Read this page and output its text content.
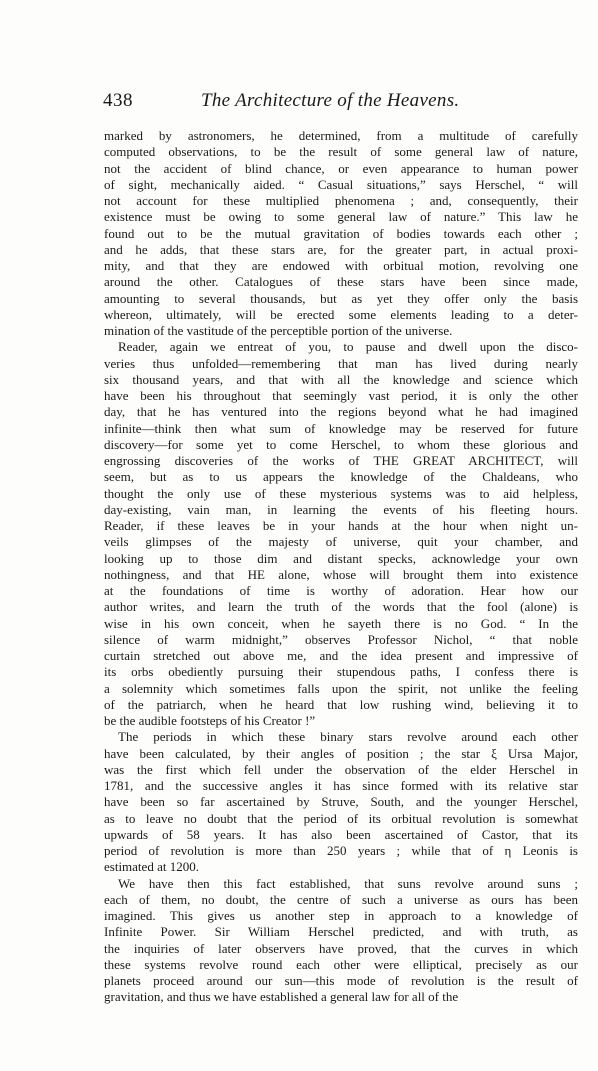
438	The Architecture of the Heavens.
marked by astronomers, he determined, from a multitude of carefully
computed observations, to be the result of some general law of nature,
not the accident of blind chance, or even appearance to human power
of sight, mechanically aided. “ Casual situations,” says Herschel, “ will
not account for these multiplied phenomena ; and, consequently, their
existence must be owing to some general law of nature.” This law he
found out to be the mutual gravitation of bodies towards each other ;
and he adds, that these stars are, for the greater part, in actual proxi-
mity, and that they are endowed with orbitual motion, revolving one
around the other. Catalogues of these stars have been since made,
amounting to several thousands, but as yet they offer only the basis
whereon, ultimately, will be erected some elements leading to a deter-
mination of the vastitude of the perceptible portion of the universe.
Reader, again we entreat of you, to pause and dwell upon the disco-
veries thus unfolded—remembering that man has lived during nearly
six thousand years, and that with all the knowledge and science which
have been his throughout that seemingly vast period, it is only the other
day, that he has ventured into the regions beyond what he had imagined
infinite—think then what sum of knowledge may be reserved for future
discovery—for some yet to come Herschel, to whom these glorious and
engrossing discoveries of the works of THE GREAT ARCHITECT, will
seem, but as to us appears the knowledge of the Chaldeans, who
thought the only use of these mysterious systems was to aid helpless,
day-existing, vain man, in learning the events of his fleeting hours.
Reader, if these leaves be in your hands at the hour when night un-
veils glimpses of the majesty of universe, quit your chamber, and
looking up to those dim and distant specks, acknowledge your own
nothingness, and that HE alone, whose will brought them into existence
at the foundations of time is worthy of adoration. Hear how our
author writes, and learn the truth of the words that the fool (alone) is
wise in his own conceit, when he sayeth there is no God. “ In the
silence of warm midnight,” observes Professor Nichol, “ that noble
curtain stretched out above me, and the idea present and impressive of
its orbs obediently pursuing their stupendous paths, I confess there is
a solemnity which sometimes falls upon the spirit, not unlike the feeling
of the patriarch, when he heard that low rushing wind, believing it to
be the audible footsteps of his Creator !”
The periods in which these binary stars revolve around each other
have been calculated, by their angles of position ; the star ξ Ursa Major,
was the first which fell under the observation of the elder Herschel in
1781, and the successive angles it has since formed with its relative star
have been so far ascertained by Struve, South, and the younger Herschel,
as to leave no doubt that the period of its orbitual revolution is somewhat
upwards of 58 years. It has also been ascertained of Castor, that its
period of revolution is more than 250 years ; while that of η Leonis is
estimated at 1200.
We have then this fact established, that suns revolve around suns ;
each of them, no doubt, the centre of such a universe as ours has been
imagined. This gives us another step in approach to a knowledge of
Infinite Power. Sir William Herschel predicted, and with truth, as
the inquiries of later observers have proved, that the curves in which
these systems revolve round each other were elliptical, precisely as our
planets proceed around our sun—this mode of revolution is the result of
gravitation, and thus we have established a general law for all of the
